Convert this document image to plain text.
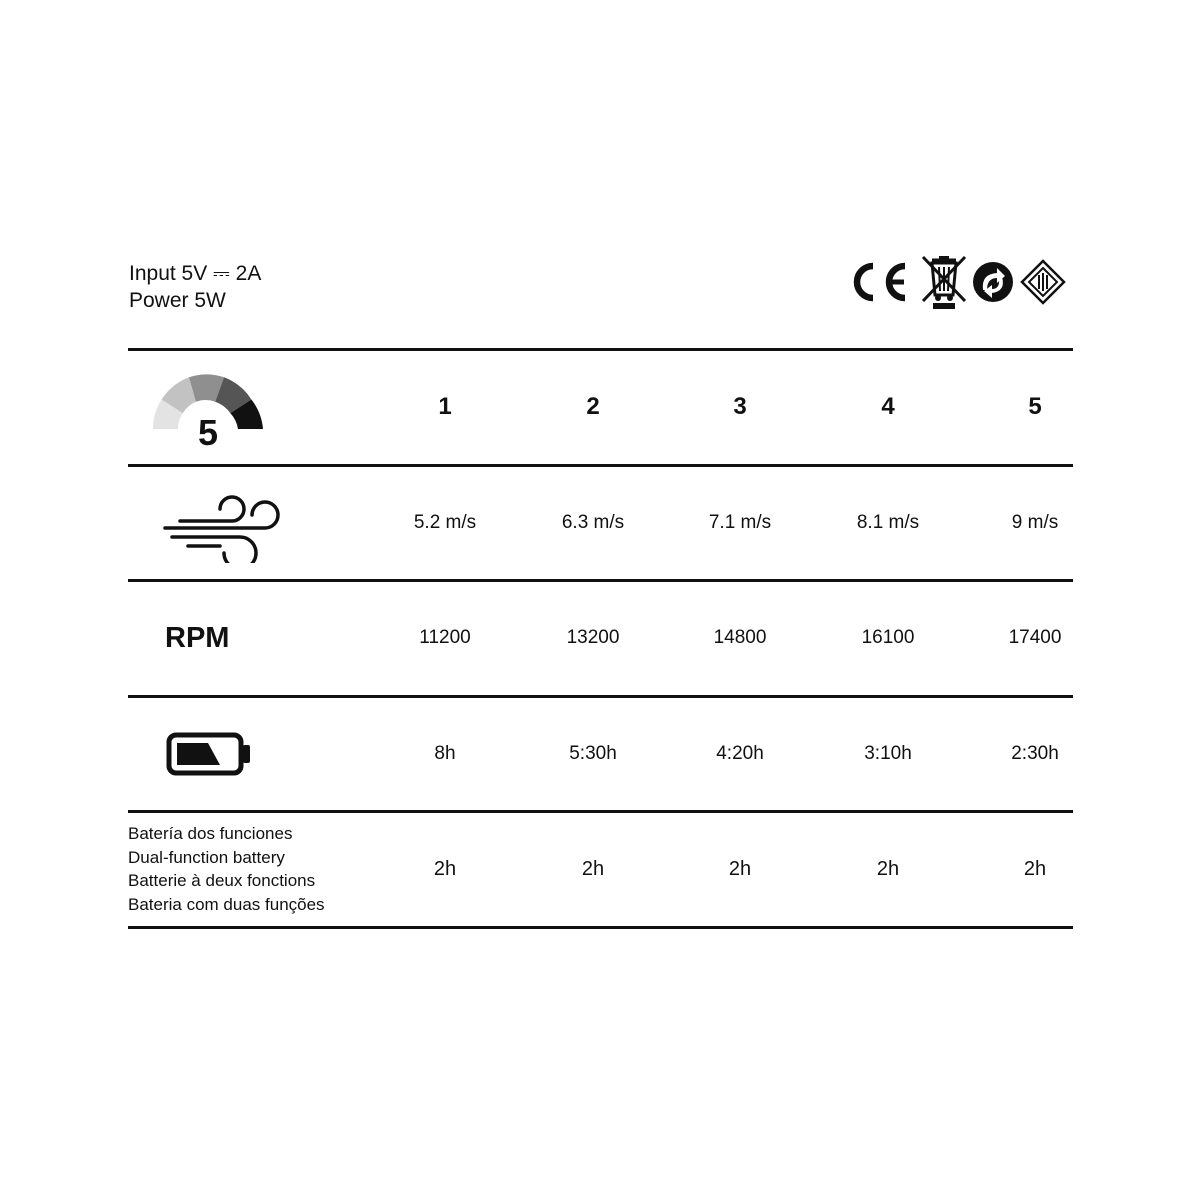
Input 5V ⎓ 2A
Power 5W
5
1	2	3	4	5
5.2 m/s	6.3 m/s	7.1 m/s	8.1 m/s	9 m/s
RPM	11200	13200	14800	16100	17400
8h	5:30h	4:20h	3:10h	2:30h
Batería dos funciones
Dual-function battery
Batterie à deux fonctions
Bateria com duas funções
2h	2h	2h	2h	2h
